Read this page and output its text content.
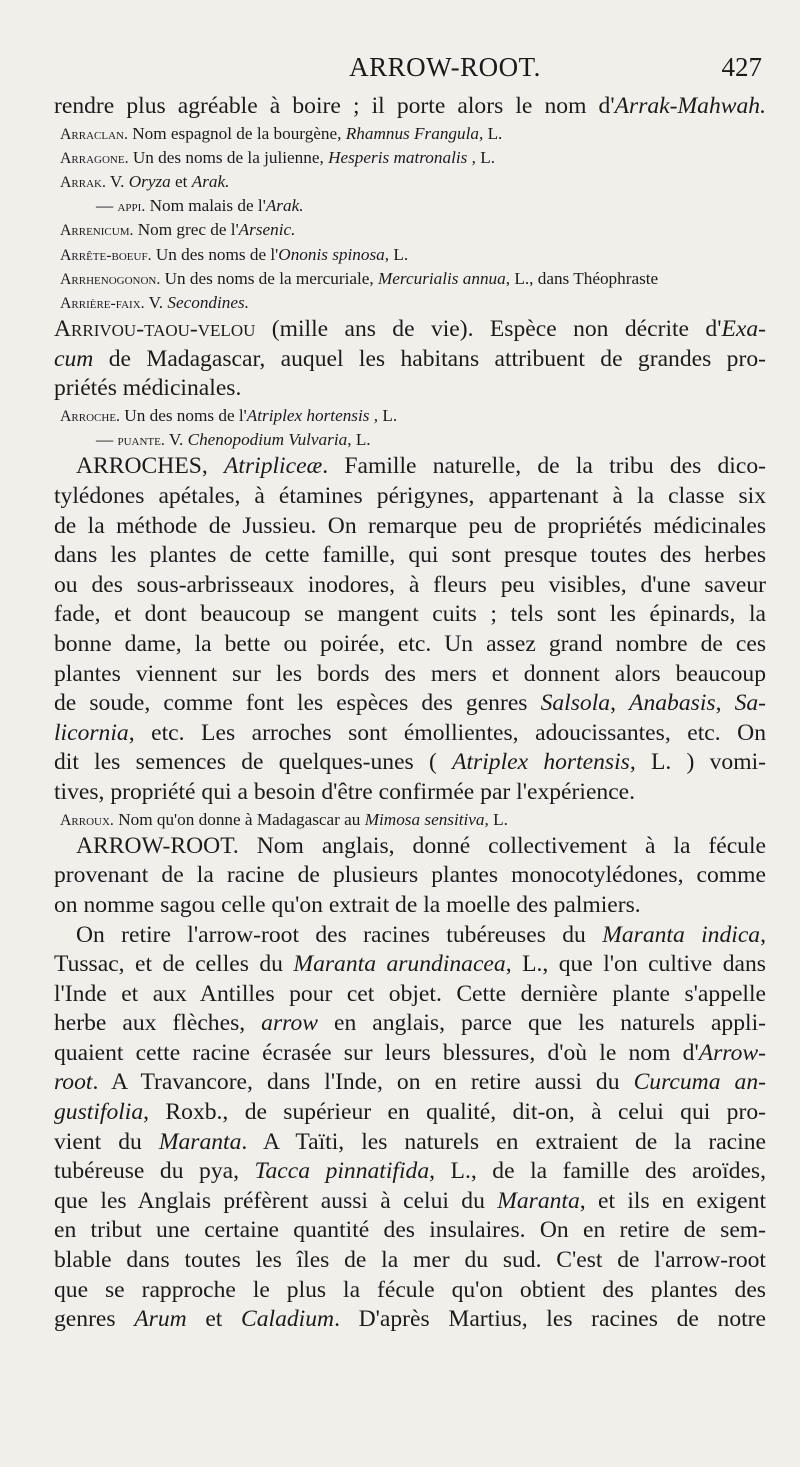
ARROW-ROOT.	427
rendre plus agréable à boire ; il porte alors le nom d'Arrak-Mahwah.
Arraclan. Nom espagnol de la bourgène, Rhamnus Frangula, L.
Arragone. Un des noms de la julienne, Hesperis matronalis , L.
Arrak. V. Oryza et Arak.
— appi. Nom malais de l'Arak.
Arrenicum. Nom grec de l'Arsenic.
Arrête-boeuf. Un des noms de l'Ononis spinosa, L.
Arrhenogonon. Un des noms de la mercuriale, Mercurialis annua, L., dans Théophraste
Arrière-faix. V. Secondines.
Arrivou-taou-velou (mille ans de vie). Espèce non décrite d'Exa-
cum de Madagascar, auquel les habitans attribuent de grandes pro-
priétés médicinales.
Arroche. Un des noms de l'Atriplex hortensis , L.
— puante. V. Chenopodium Vulvaria, L.
ARROCHES, Atripliceæ. Famille naturelle, de la tribu des dico-
tylédones apétales, à étamines périgynes, appartenant à la classe six
de la méthode de Jussieu. On remarque peu de propriétés médicinales
dans les plantes de cette famille, qui sont presque toutes des herbes
ou des sous-arbrisseaux inodores, à fleurs peu visibles, d'une saveur
fade, et dont beaucoup se mangent cuits ; tels sont les épinards, la
bonne dame, la bette ou poirée, etc. Un assez grand nombre de ces
plantes viennent sur les bords des mers et donnent alors beaucoup
de soude, comme font les espèces des genres Salsola, Anabasis, Sa-
licornia, etc. Les arroches sont émollientes, adoucissantes, etc. On
dit les semences de quelques-unes ( Atriplex hortensis, L. ) vomi-
tives, propriété qui a besoin d'être confirmée par l'expérience.
Arroux. Nom qu'on donne à Madagascar au Mimosa sensitiva, L.
ARROW-ROOT. Nom anglais, donné collectivement à la fécule
provenant de la racine de plusieurs plantes monocotylédones, comme
on nomme sagou celle qu'on extrait de la moelle des palmiers.
On retire l'arrow-root des racines tubéreuses du Maranta indica,
Tussac, et de celles du Maranta arundinacea, L., que l'on cultive dans
l'Inde et aux Antilles pour cet objet. Cette dernière plante s'appelle
herbe aux flèches, arrow en anglais, parce que les naturels appli-
quaient cette racine écrasée sur leurs blessures, d'où le nom d'Arrow-
root. A Travancore, dans l'Inde, on en retire aussi du Curcuma an-
gustifolia, Roxb., de supérieur en qualité, dit-on, à celui qui pro-
vient du Maranta. A Taïti, les naturels en extraient de la racine
tubéreuse du pya, Tacca pinnatifida, L., de la famille des aroïdes,
que les Anglais préfèrent aussi à celui du Maranta, et ils en exigent
en tribut une certaine quantité des insulaires. On en retire de sem-
blable dans toutes les îles de la mer du sud. C'est de l'arrow-root
que se rapproche le plus la fécule qu'on obtient des plantes des
genres Arum et Caladium. D'après Martius, les racines de notre
